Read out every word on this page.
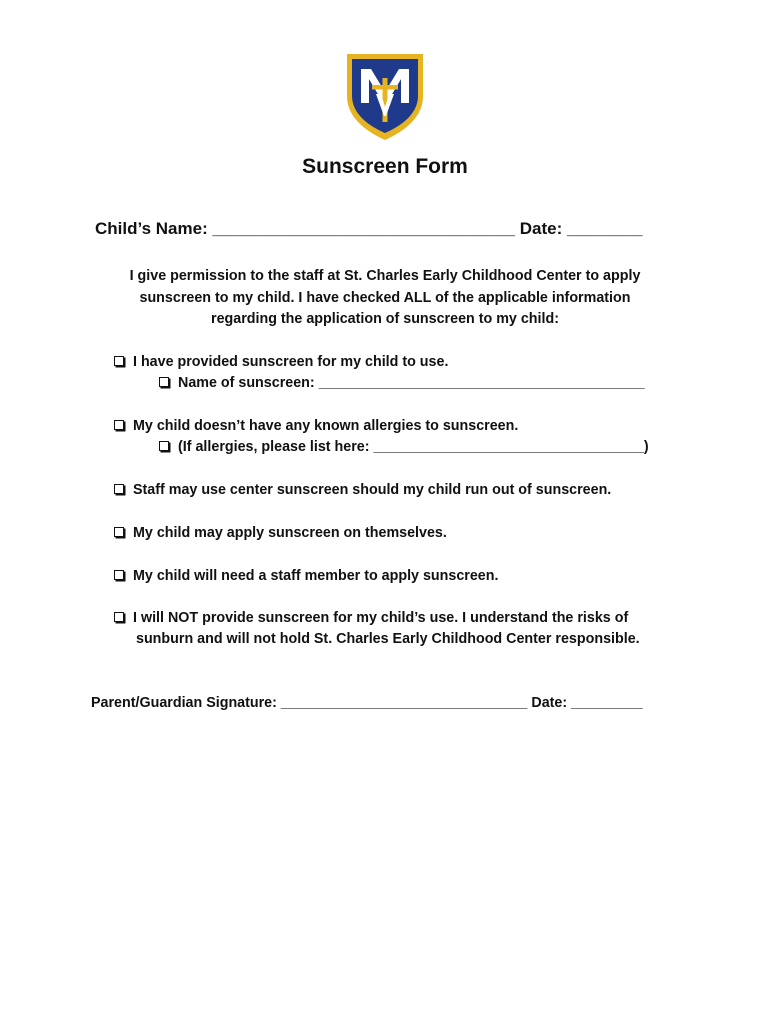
Sunscreen Form
Child’s Name: ________________________________ Date: ________
I give permission to the staff at St. Charles Early Childhood Center to apply
sunscreen to my child. I have checked ALL of the applicable information
regarding the application of sunscreen to my child:
I have provided sunscreen for my child to use.
Name of sunscreen: _________________________________________
My child doesn’t have any known allergies to sunscreen.
(If allergies, please list here: __________________________________)
Staff may use center sunscreen should my child run out of sunscreen.
My child may apply sunscreen on themselves.
My child will need a staff member to apply sunscreen.
I will NOT provide sunscreen for my child’s use. I understand the risks of
sunburn and will not hold St. Charles Early Childhood Center responsible.
Parent/Guardian Signature: _______________________________ Date: _________
